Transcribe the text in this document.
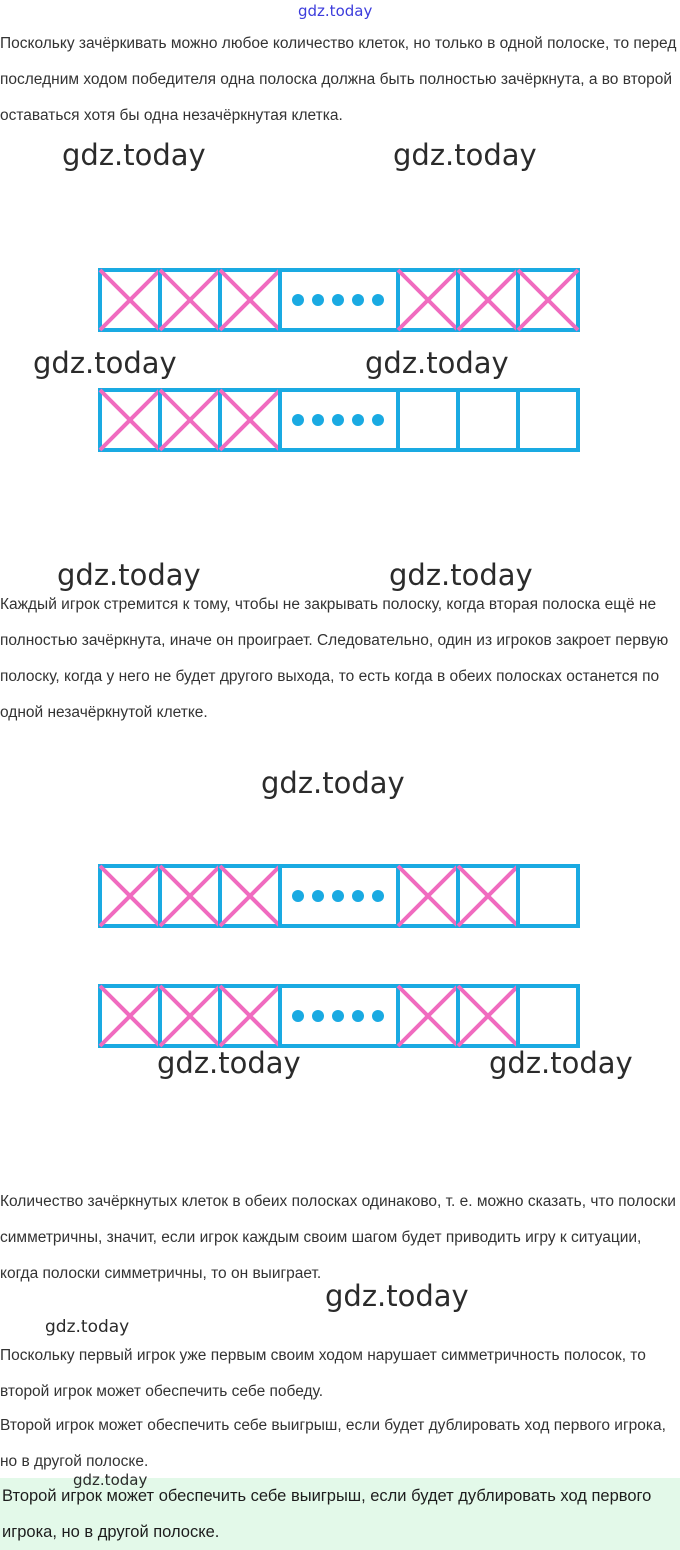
gdz.today

Поскольку зачёркивать можно любое количество клеток, но только в одной полоске, то перед последним ходом победителя одна полоска должна быть полностью зачёркнута, а во второй оставаться хотя бы одна незачёркнутая клетка.

gdz.today	gdz.today
gdz.today	gdz.today
gdz.today	gdz.today

Каждый игрок стремится к тому, чтобы не закрывать полоску, когда вторая полоска ещё не полностью зачёркнута, иначе он проиграет. Следовательно, один из игроков закроет первую полоску, когда у него не будет другого выхода, то есть когда в обеих полосках останется по одной незачёркнутой клетке.

gdz.today
gdz.today	gdz.today

Количество зачёркнутых клеток в обеих полосках одинаково, т. е. можно сказать, что полоски симметричны, значит, если игрок каждым своим шагом будет приводить игру к ситуации, когда полоски симметричны, то он выиграет.

gdz.today
gdz.today

Поскольку первый игрок уже первым своим ходом нарушает симметричность полосок, то второй игрок может обеспечить себе победу.

Второй игрок может обеспечить себе выигрыш, если будет дублировать ход первого игрока, но в другой полоске.

Второй игрок может обеспечить себе выигрыш, если будет дублировать ход первого игрока, но в другой полоске.

gdz.today
